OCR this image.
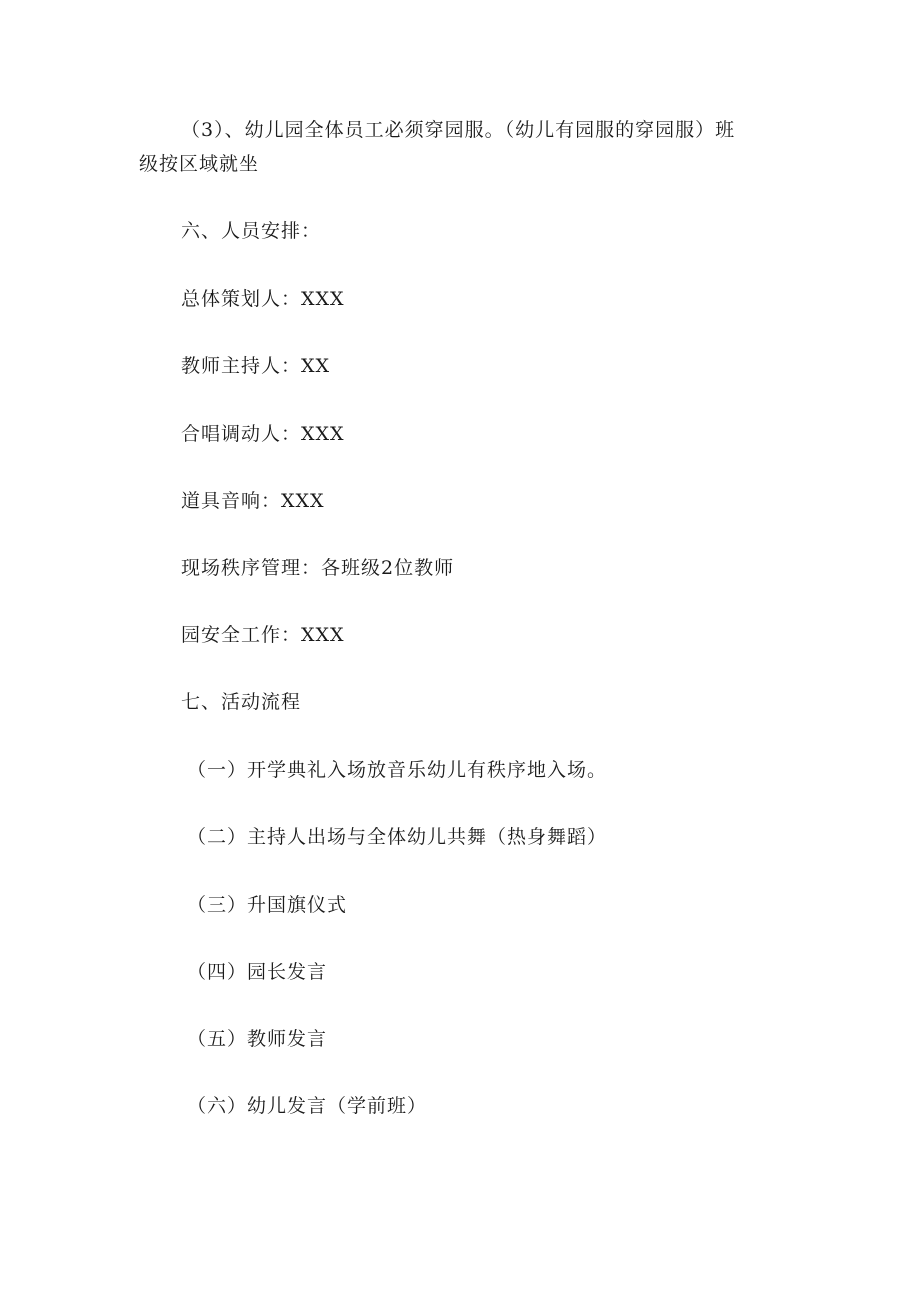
（3）、幼儿园全体员工必须穿园服。（幼儿有园服的穿园服）班
级按区域就坐
六、人员安排：
总体策划人：XXX
教师主持人：XX
合唱调动人：XXX
道具音响：XXX
现场秩序管理：各班级2位教师
园安全工作：XXX
七、活动流程
（一）开学典礼入场放音乐幼儿有秩序地入场。
（二）主持人出场与全体幼儿共舞（热身舞蹈）
（三）升国旗仪式
（四）园长发言
（五）教师发言
（六）幼儿发言（学前班）
